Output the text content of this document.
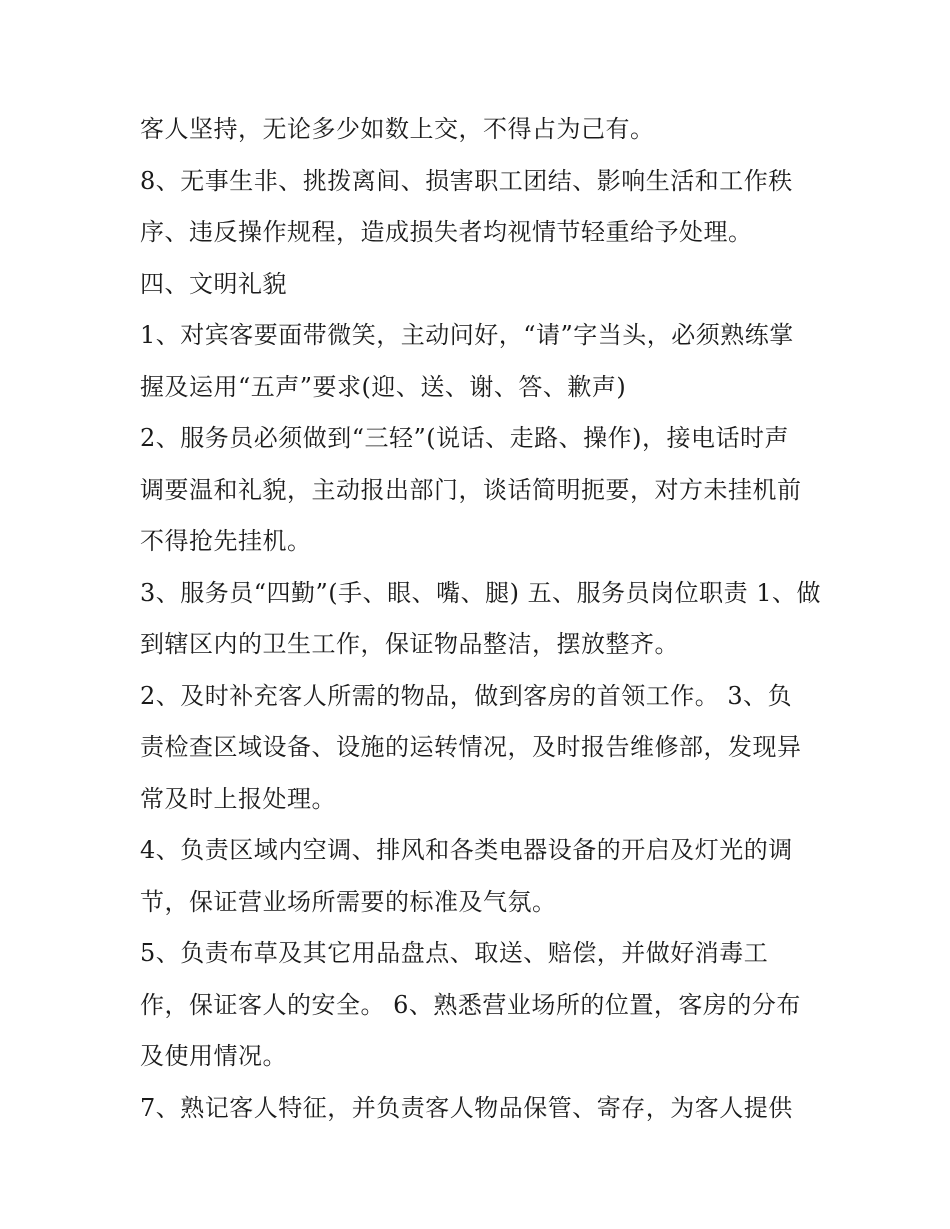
客人坚持，无论多少如数上交，不得占为己有。
8、无事生非、挑拨离间、损害职工团结、影响生活和工作秩
序、违反操作规程，造成损失者均视情节轻重给予处理。
四、文明礼貌
1、对宾客要面带微笑，主动问好，“请”字当头，必须熟练掌
握及运用“五声”要求(迎、送、谢、答、歉声)
2、服务员必须做到“三轻”(说话、走路、操作)，接电话时声
调要温和礼貌，主动报出部门，谈话简明扼要，对方未挂机前
不得抢先挂机。
3、服务员“四勤”(手、眼、嘴、腿) 五、服务员岗位职责 1、做
到辖区内的卫生工作，保证物品整洁，摆放整齐。
2、及时补充客人所需的物品，做到客房的首领工作。 3、负
责检查区域设备、设施的运转情况，及时报告维修部，发现异
常及时上报处理。
4、负责区域内空调、排风和各类电器设备的开启及灯光的调
节，保证营业场所需要的标准及气氛。
5、负责布草及其它用品盘点、取送、赔偿，并做好消毒工
作，保证客人的安全。 6、熟悉营业场所的位置，客房的分布
及使用情况。
7、熟记客人特征，并负责客人物品保管、寄存，为客人提供
